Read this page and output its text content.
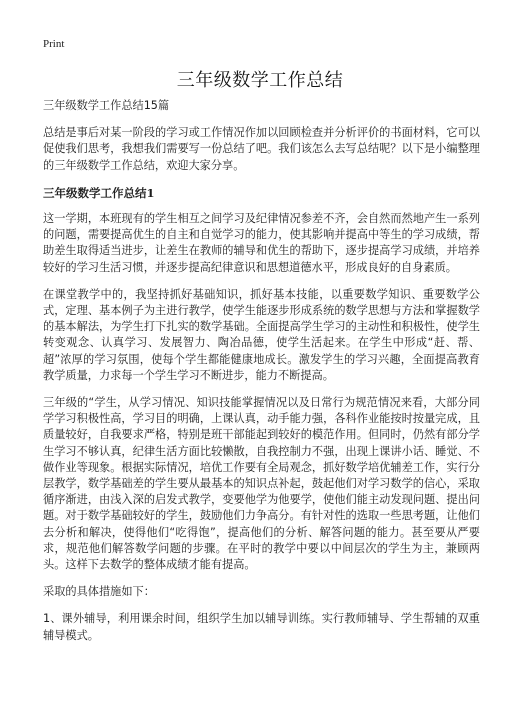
Print
三年级数学工作总结

三年级数学工作总结15篇

总结是事后对某一阶段的学习或工作情况作加以回顾检查并分析评价的书面材料，它可以促使我们思考，我想我们需要写一份总结了吧。我们该怎么去写总结呢？以下是小编整理的三年级数学工作总结，欢迎大家分享。

三年级数学工作总结1

这一学期，本班现有的学生相互之间学习及纪律情况参差不齐，会自然而然地产生一系列的问题，需要提高优生的自主和自觉学习的能力，使其影响并提高中等生的学习成绩，帮助差生取得适当进步，让差生在教师的辅导和优生的帮助下，逐步提高学习成绩，并培养较好的学习生活习惯，并逐步提高纪律意识和思想道德水平，形成良好的自身素质。

在课堂教学中的，我坚持抓好基础知识，抓好基本技能，以重要数学知识、重要数学公式，定理、基本例子为主进行教学，使学生能逐步形成系统的数学思想与方法和掌握数学的基本解法，为学生打下扎实的数学基础。全面提高学生学习的主动性和积极性，使学生转变观念、认真学习、发展智力、陶冶品德，使学生活起来。在学生中形成“赶、帮、超”浓厚的学习氛围，使每个学生都能健康地成长。激发学生的学习兴趣，全面提高教育教学质量，力求每一个学生学习不断进步，能力不断提高。

三年级的“学生，从学习情况、知识技能掌握情况以及日常行为规范情况来看，大部分同学学习积极性高，学习目的明确，上课认真，动手能力强，各科作业能按时按量完成，且质量较好，自我要求严格，特别是班干部能起到较好的模范作用。但同时，仍然有部分学生学习不够认真，纪律生活方面比较懒散，自我控制力不强，出现上课讲小话、睡觉、不做作业等现象。根据实际情况，培优工作要有全局观念，抓好数学培优辅差工作，实行分层教学，数学基础差的学生要从最基本的知识点补起，鼓起他们对学习数学的信心，采取循序渐进，由浅入深的启发式教学，变要他学为他要学，使他们能主动发现问题、提出问题。对于数学基础较好的学生，鼓励他们力争高分。有针对性的选取一些思考题，让他们去分析和解决，使得他们“吃得饱”，提高他们的分析、解答问题的能力。甚至要从严要求，规范他们解答数学问题的步骤。在平时的教学中要以中间层次的学生为主，兼顾两头。这样下去数学的整体成绩才能有提高。

采取的具体措施如下：

1、课外辅导，利用课余时间，组织学生加以辅导训练。实行教师辅导、学生帮辅的双重辅导模式。
